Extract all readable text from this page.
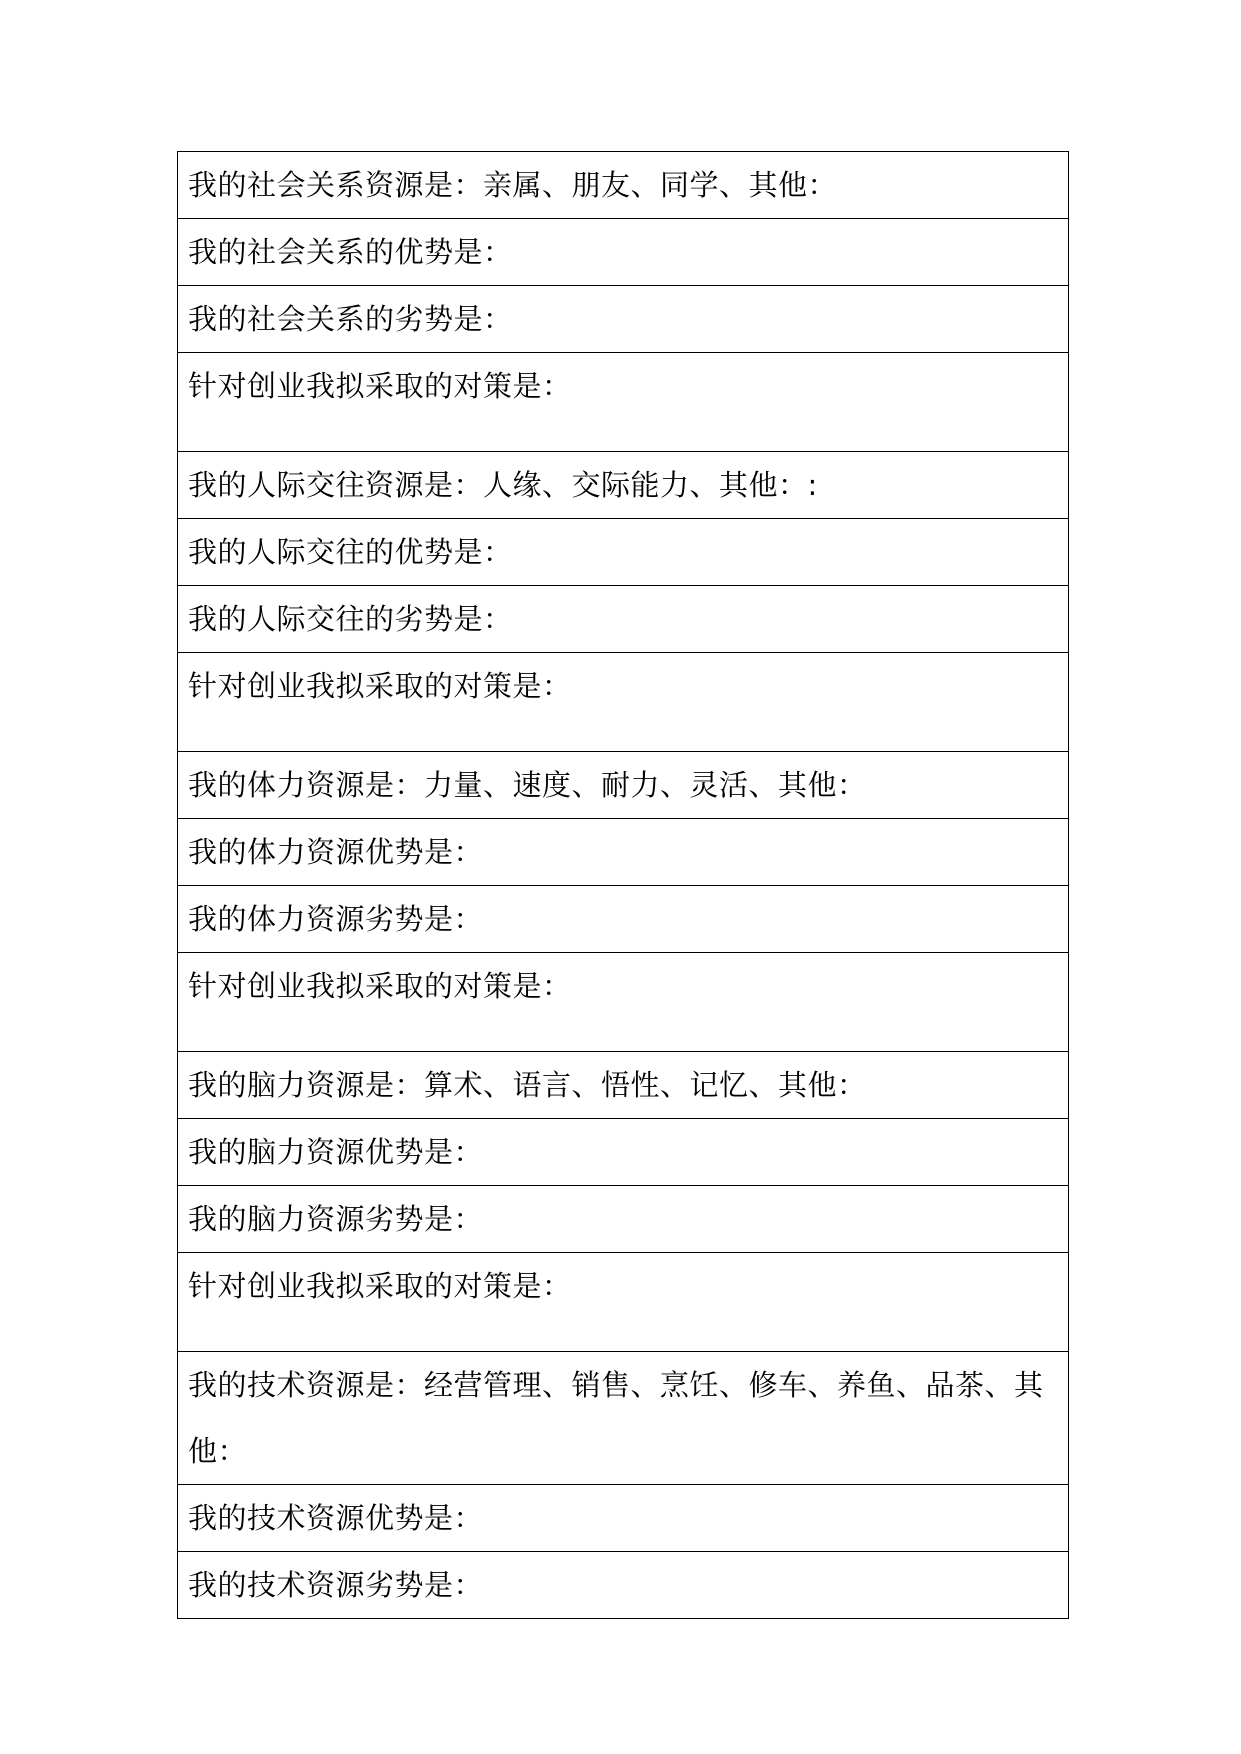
我的社会关系资源是：亲属、朋友、同学、其他：
我的社会关系的优势是：
我的社会关系的劣势是：
针对创业我拟采取的对策是：
我的人际交往资源是：人缘、交际能力、其他：:
我的人际交往的优势是：
我的人际交往的劣势是：
针对创业我拟采取的对策是：
我的体力资源是：力量、速度、耐力、灵活、其他：
我的体力资源优势是：
我的体力资源劣势是：
针对创业我拟采取的对策是：
我的脑力资源是：算术、语言、悟性、记忆、其他：
我的脑力资源优势是：
我的脑力资源劣势是：
针对创业我拟采取的对策是：
我的技术资源是：经营管理、销售、烹饪、修车、养鱼、品茶、其他：
我的技术资源优势是：
我的技术资源劣势是：
